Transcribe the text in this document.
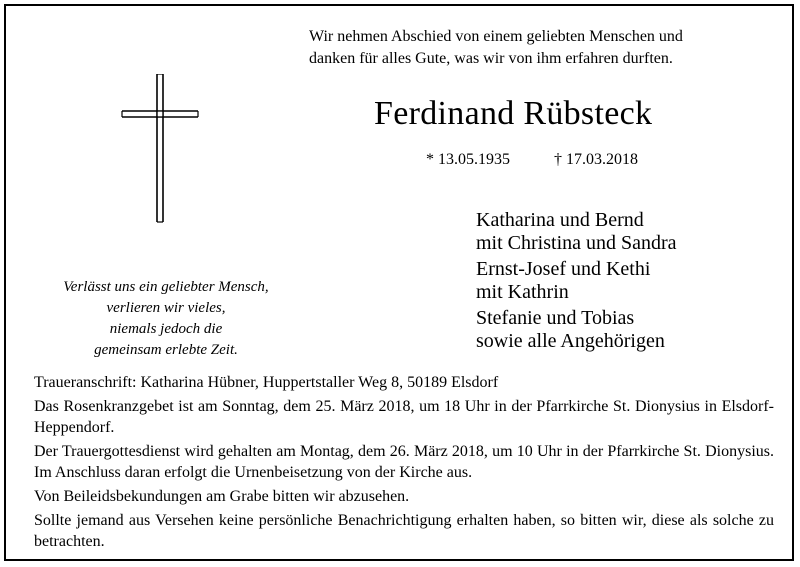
Wir nehmen Abschied von einem geliebten Menschen und
danken für alles Gute, was wir von ihm erfahren durften.
Ferdinand Rübsteck
* 13.05.1935	† 17.03.2018
Katharina und Bernd
mit Christina und Sandra
Ernst-Josef und Kethi
mit Kathrin
Stefanie und Tobias
sowie alle Angehörigen
Verlässt uns ein geliebter Mensch,
verlieren wir vieles,
niemals jedoch die
gemeinsam erlebte Zeit.

Traueranschrift: Katharina Hübner, Huppertstaller Weg 8, 50189 Elsdorf

Das Rosenkranzgebet ist am Sonntag, dem 25. März 2018, um 18 Uhr in der Pfarrkirche St. Dionysius in Elsdorf-Heppendorf.

Der Trauergottesdienst wird gehalten am Montag, dem 26. März 2018, um 10 Uhr in der Pfarrkirche St. Dionysius. Im Anschluss daran erfolgt die Urnenbeisetzung von der Kirche aus.

Von Beileidsbekundungen am Grabe bitten wir abzusehen.

Sollte jemand aus Versehen keine persönliche Benachrichtigung erhalten haben, so bitten wir, diese als solche zu betrachten.
